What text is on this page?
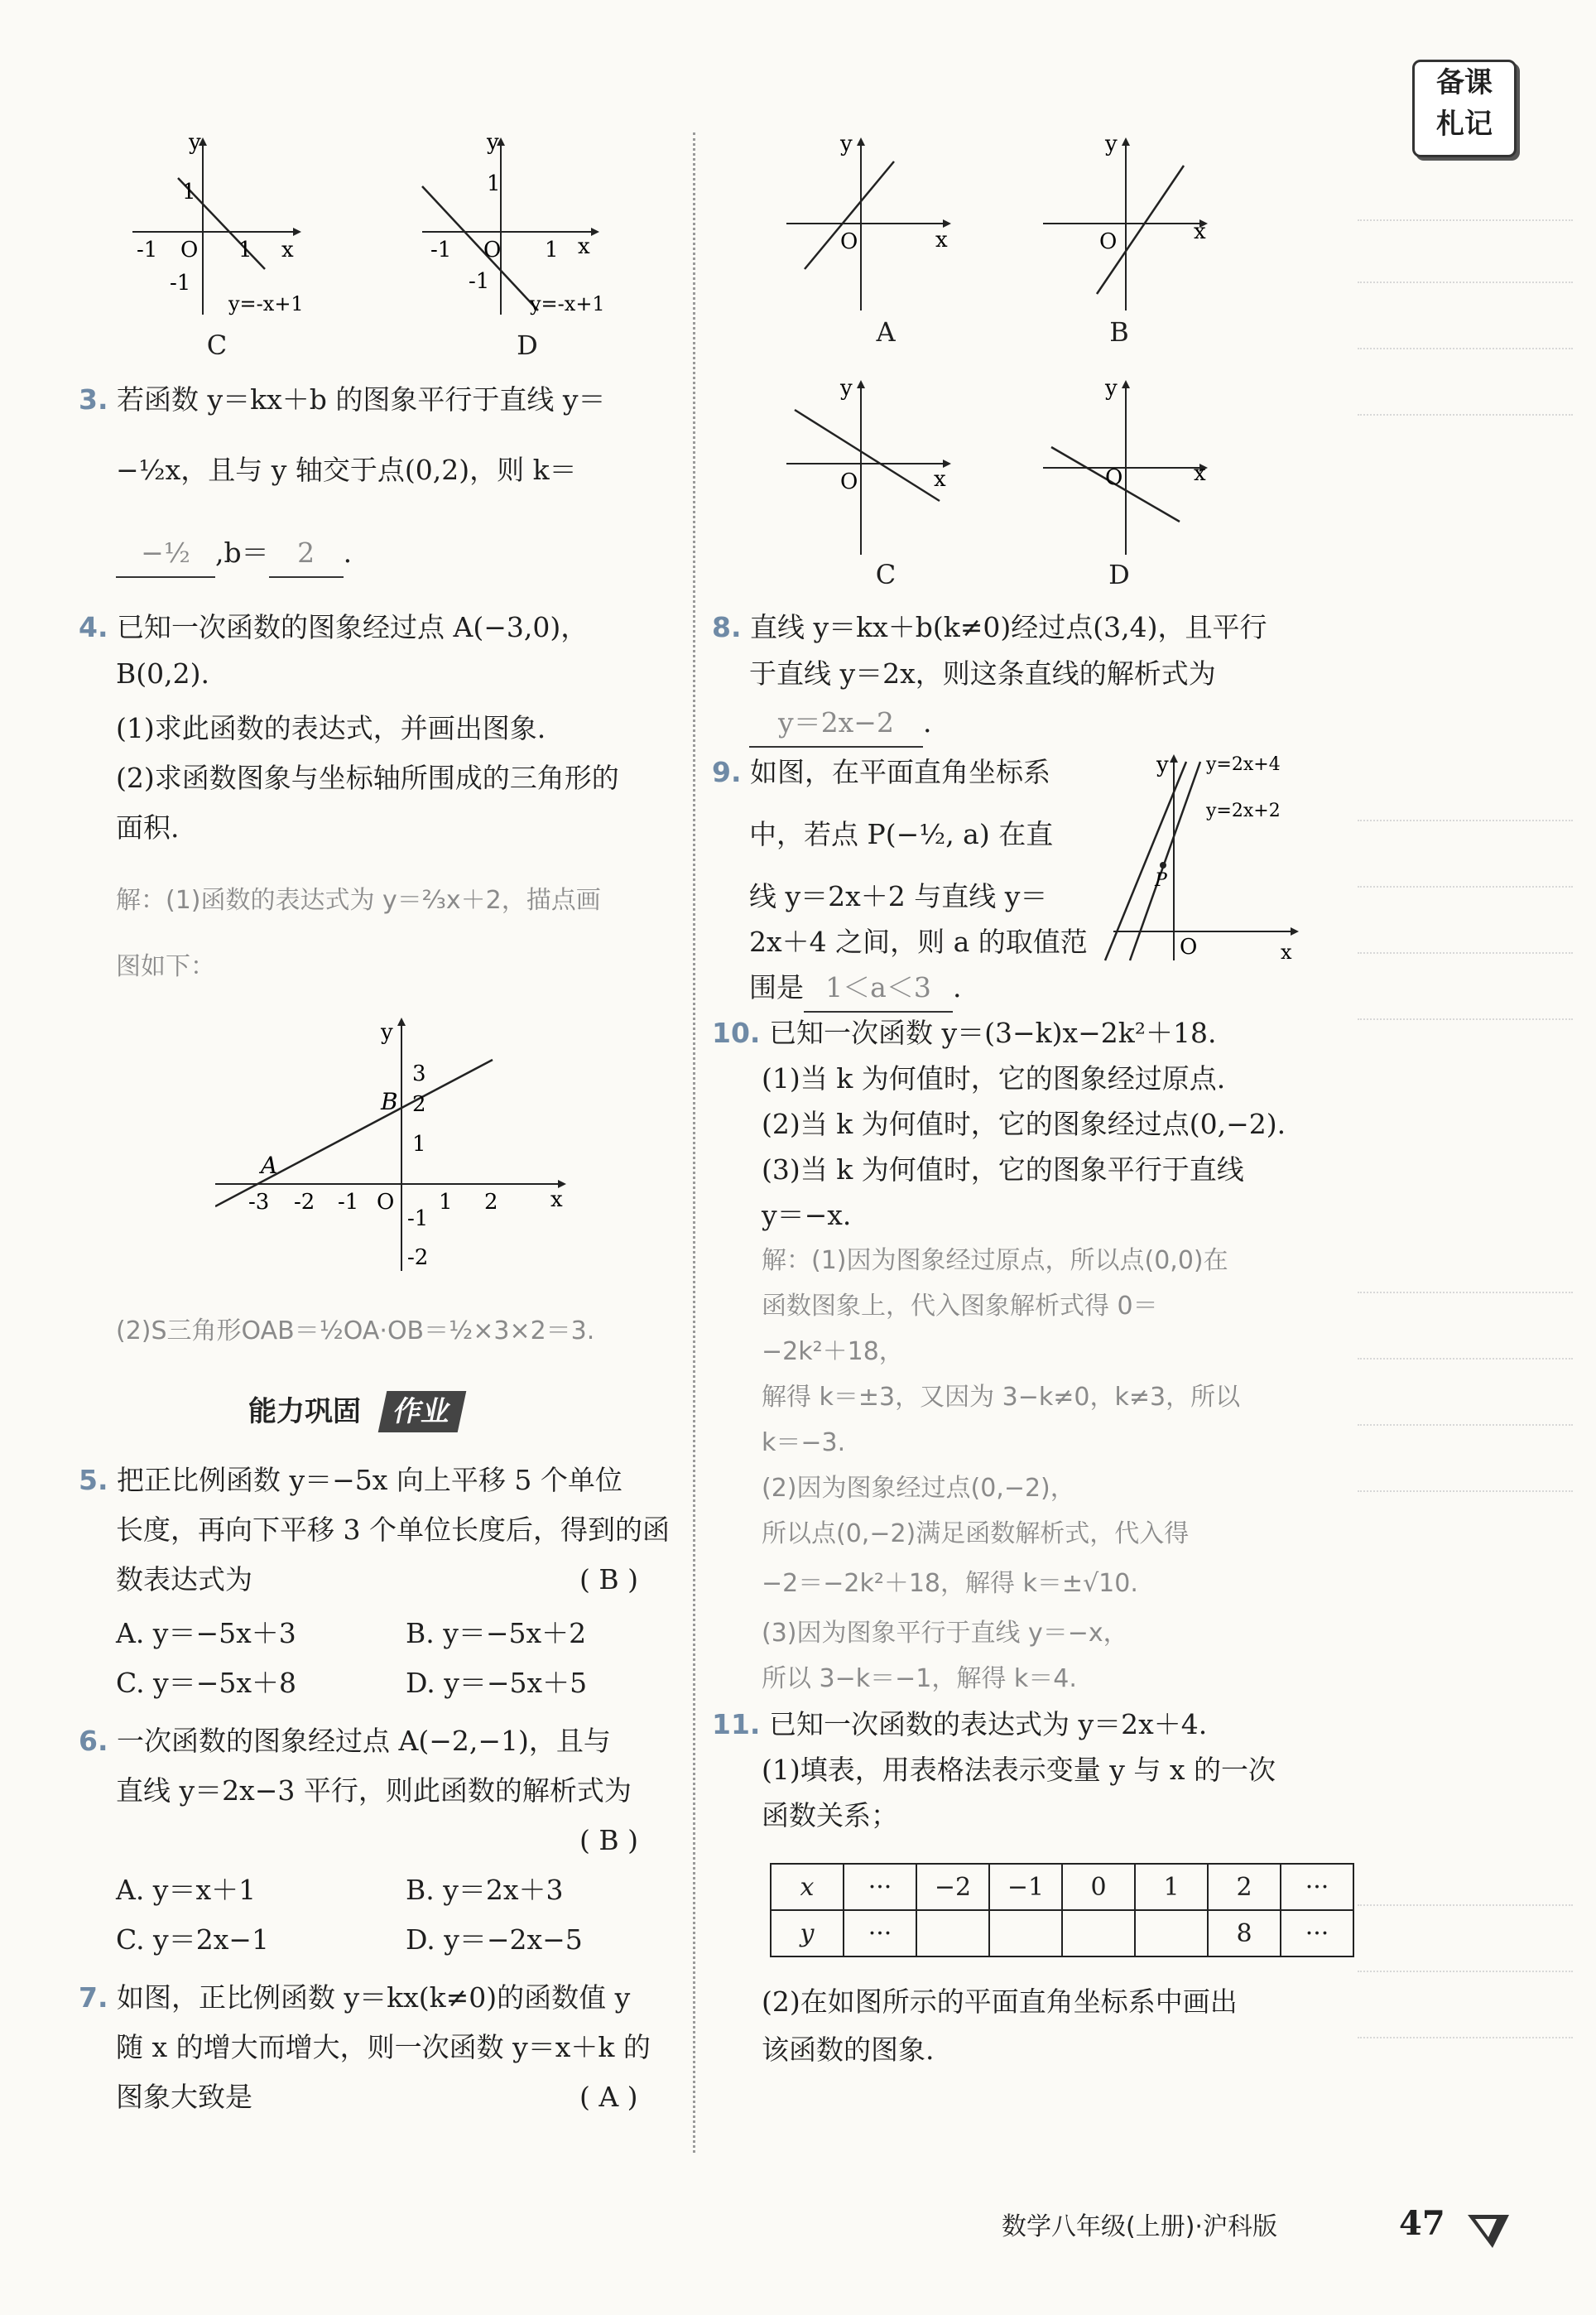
备课
札记
y
x
O
1
1
-1
-1
y=-x+1
C
y
x
O
1
1
-1
-1
y=-x+1
D
3. 若函数 y＝kx＋b 的图象平行于直线 y＝
−½x，且与 y 轴交于点(0,2)，则 k＝
−½ ,b＝ 2 .
4. 已知一次函数的图象经过点 A(−3,0)，
B(0,2).
(1)求此函数的表达式，并画出图象.
(2)求函数图象与坐标轴所围成的三角形的
面积.
解：(1)函数的表达式为 y＝⅔x＋2，描点画
图如下：
y
x
A
B
-3 -2 -1 O 1 2
3
2
1
-1
-2
(2)S三角形OAB＝½OA·OB＝½×3×2＝3.
能力巩固 作业
5. 把正比例函数 y＝−5x 向上平移 5 个单位
长度，再向下平移 3 个单位长度后，得到的函
数表达式为	( B )
A. y＝−5x＋3	B. y＝−5x＋2
C. y＝−5x＋8	D. y＝−5x＋5
6. 一次函数的图象经过点 A(−2,−1)，且与
直线 y＝2x−3 平行，则此函数的解析式为
( B )
A. y＝x＋1	B. y＝2x＋3
C. y＝2x−1	D. y＝−2x−5
7. 如图，正比例函数 y＝kx(k≠0)的函数值 y
随 x 的增大而增大，则一次函数 y＝x＋k 的
图象大致是	( A )
y
x
O
A
y
x
O
B
y
x
O
C
y
x
O
D
8. 直线 y＝kx＋b(k≠0)经过点(3,4)，且平行
于直线 y＝2x，则这条直线的解析式为
y＝2x−2 .
9. 如图，在平面直角坐标系
中，若点 P(−½, a) 在直
线 y＝2x＋2 与直线 y＝
2x＋4 之间，则 a 的取值范
围是 1＜a＜3 .
y
x
O
y=2x+4
y=2x+2
P
10. 已知一次函数 y＝(3−k)x−2k²＋18.
(1)当 k 为何值时，它的图象经过原点.
(2)当 k 为何值时，它的图象经过点(0,−2).
(3)当 k 为何值时，它的图象平行于直线
y＝−x.
解：(1)因为图象经过原点，所以点(0,0)在
函数图象上，代入图象解析式得 0＝
−2k²＋18，
解得 k＝±3，又因为 3−k≠0，k≠3，所以
k＝−3.
(2)因为图象经过点(0,−2)，
所以点(0,−2)满足函数解析式，代入得
−2＝−2k²＋18，解得 k＝±√10.
(3)因为图象平行于直线 y＝−x，
所以 3−k＝−1，解得 k＝4.
11. 已知一次函数的表达式为 y＝2x＋4.
(1)填表，用表格法表示变量 y 与 x 的一次
函数关系；
x	···	−2	−1	0	1	2	···
y	···					8	···
(2)在如图所示的平面直角坐标系中画出
该函数的图象.
数学八年级(上册)·沪科版	47
